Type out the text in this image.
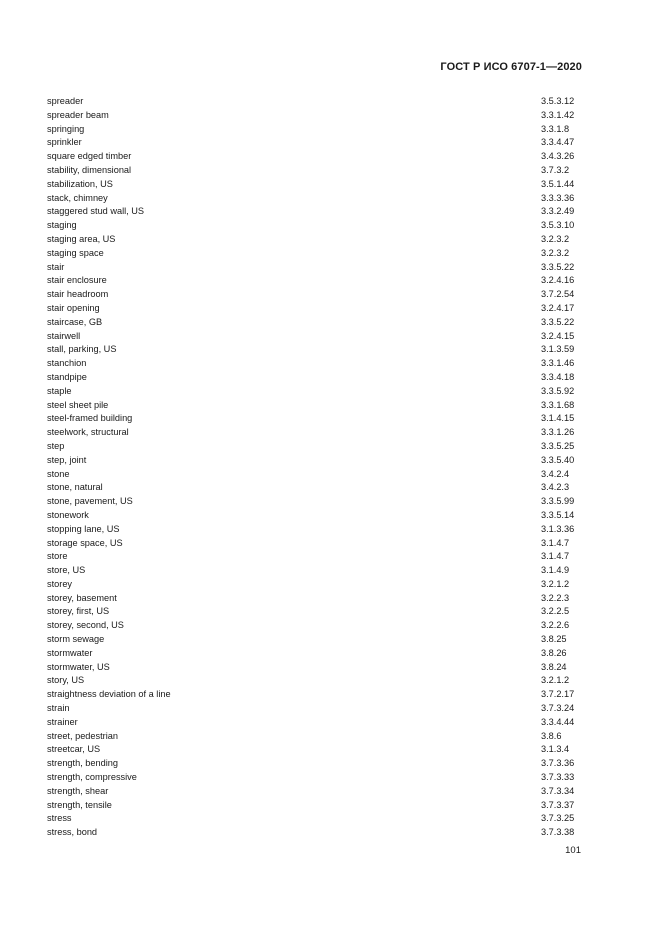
ГОСТ Р ИСО 6707-1—2020
spreader	3.5.3.12
spreader beam	3.3.1.42
springing	3.3.1.8
sprinkler	3.3.4.47
square edged timber	3.4.3.26
stability, dimensional	3.7.3.2
stabilization, US	3.5.1.44
stack, chimney	3.3.3.36
staggered stud wall, US	3.3.2.49
staging	3.5.3.10
staging area, US	3.2.3.2
staging space	3.2.3.2
stair	3.3.5.22
stair enclosure	3.2.4.16
stair headroom	3.7.2.54
stair opening	3.2.4.17
staircase, GB	3.3.5.22
stairwell	3.2.4.15
stall, parking, US	3.1.3.59
stanchion	3.3.1.46
standpipe	3.3.4.18
staple	3.3.5.92
steel sheet pile	3.3.1.68
steel-framed building	3.1.4.15
steelwork, structural	3.3.1.26
step	3.3.5.25
step, joint	3.3.5.40
stone	3.4.2.4
stone, natural	3.4.2.3
stone, pavement, US	3.3.5.99
stonework	3.3.5.14
stopping lane, US	3.1.3.36
storage space, US	3.1.4.7
store	3.1.4.7
store, US	3.1.4.9
storey	3.2.1.2
storey, basement	3.2.2.3
storey, first, US	3.2.2.5
storey, second, US	3.2.2.6
storm sewage	3.8.25
stormwater	3.8.26
stormwater, US	3.8.24
story, US	3.2.1.2
straightness deviation of a line	3.7.2.17
strain	3.7.3.24
strainer	3.3.4.44
street, pedestrian	3.8.6
streetcar, US	3.1.3.4
strength, bending	3.7.3.36
strength, compressive	3.7.3.33
strength, shear	3.7.3.34
strength, tensile	3.7.3.37
stress	3.7.3.25
stress, bond	3.7.3.38
101
